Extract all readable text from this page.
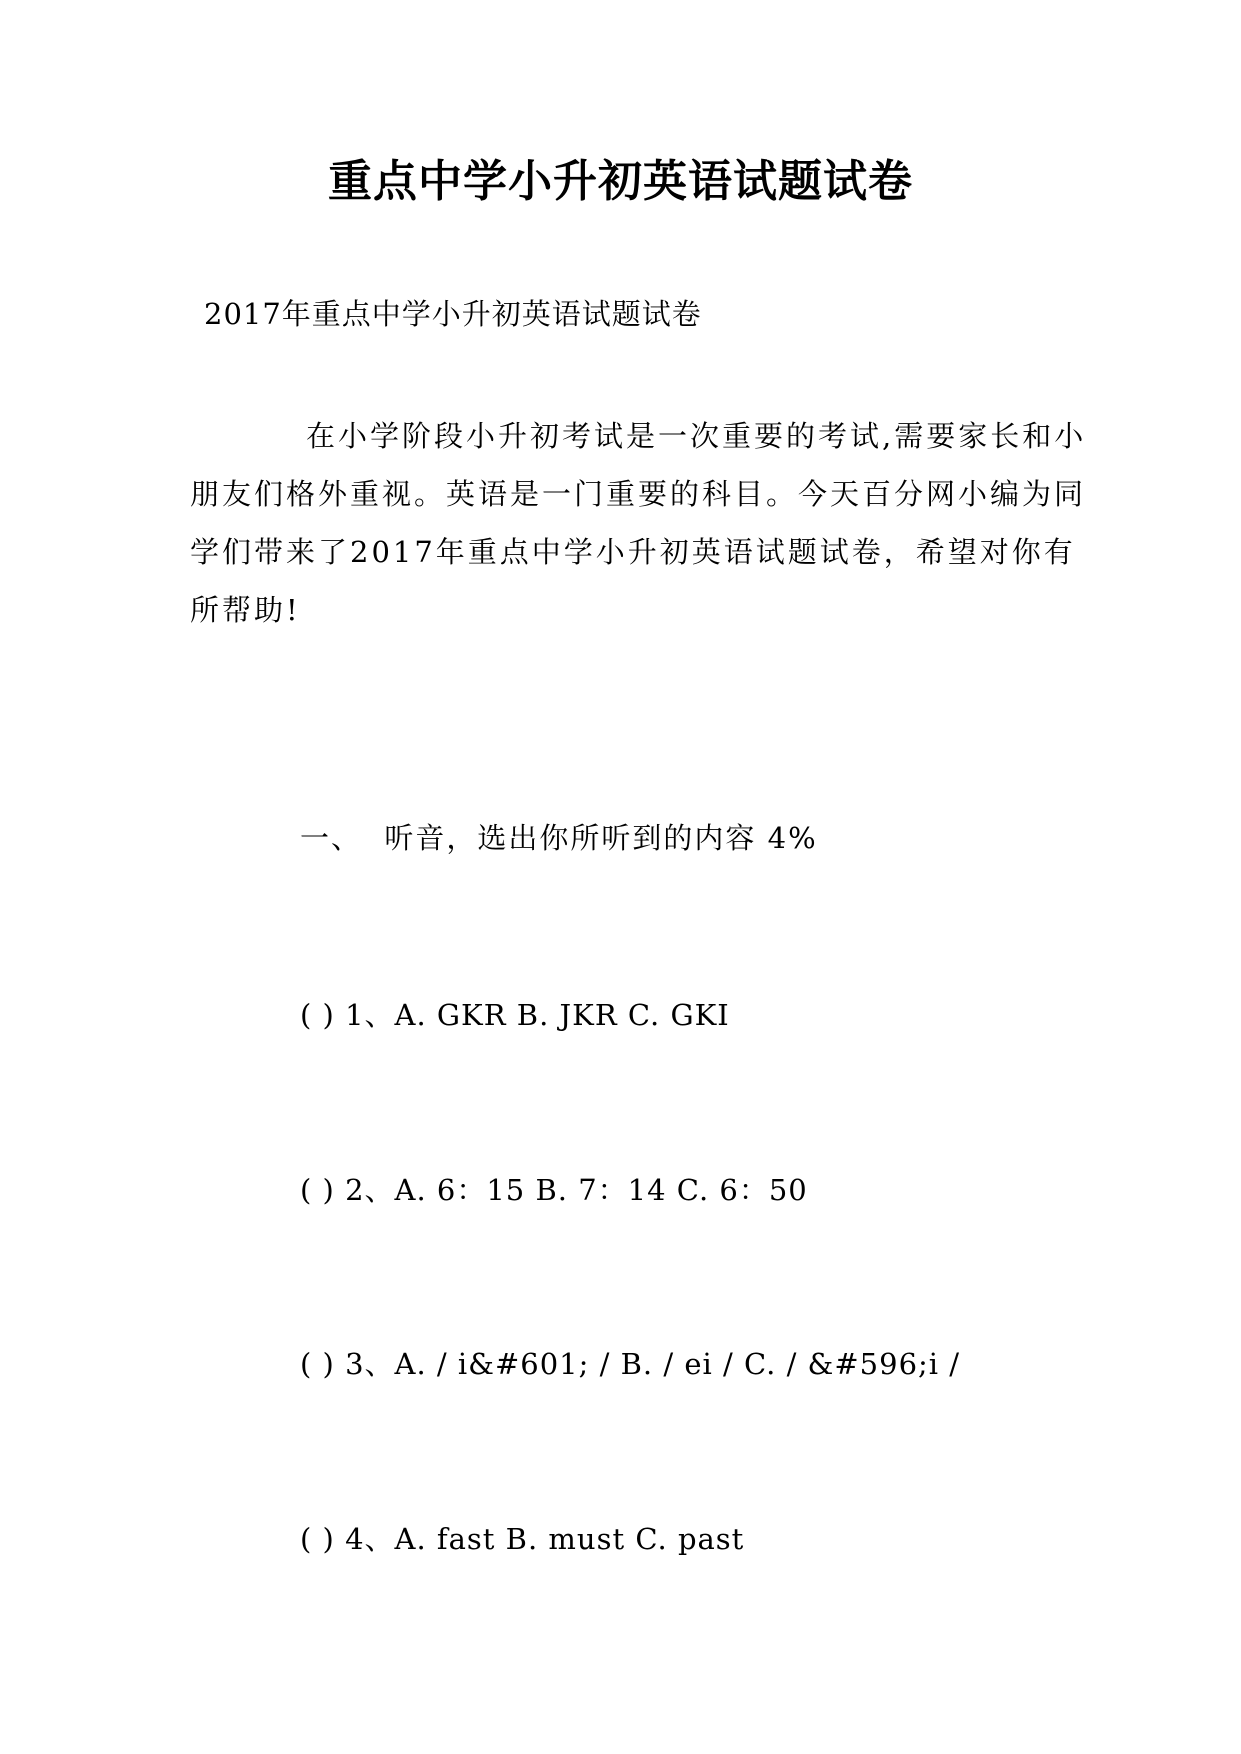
重点中学小升初英语试题试卷
2017年重点中学小升初英语试题试卷

在小学阶段小升初考试是一次重要的考试,需要家长和小朋友们格外重视。英语是一门重要的科目。今天百分网小编为同学们带来了2017年重点中学小升初英语试题试卷，希望对你有所帮助!

一、  听音，选出你所听到的内容 4%
( ) 1、A. GKR B. JKR C. GKI
( ) 2、A. 6：15 B. 7：14 C. 6：50
( ) 3、A. / i&#601; / B. / ei / C. / &#596;i /
( ) 4、A. fast B. must C. past
